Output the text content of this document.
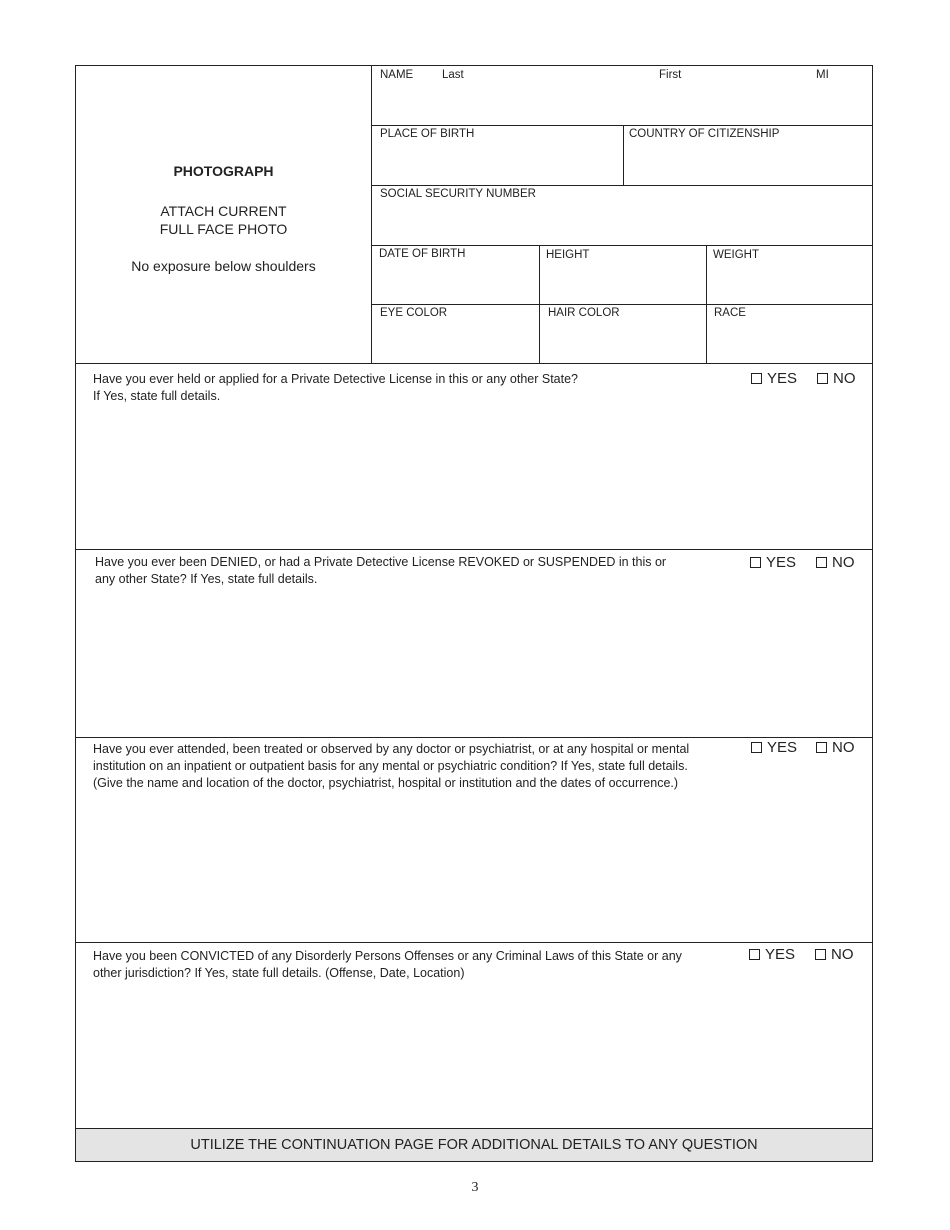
PHOTOGRAPH
ATTACH CURRENT
FULL FACE PHOTO
No exposure below shoulders
NAME	Last	First	MI
PLACE OF BIRTH	COUNTRY OF CITIZENSHIP
SOCIAL SECURITY NUMBER
DATE OF BIRTH	HEIGHT	WEIGHT
EYE COLOR	HAIR COLOR	RACE
Have you ever held or applied for a Private Detective License in this or any other State?
If Yes, state full details.
YES NO
Have you ever been DENIED, or had a Private Detective License REVOKED or SUSPENDED in this or
any other State? If Yes, state full details.
YES NO
Have you ever attended, been treated or observed by any doctor or psychiatrist, or at any hospital or mental
institution on an inpatient or outpatient basis for any mental or psychiatric condition? If Yes, state full details.
(Give the name and location of the doctor, psychiatrist, hospital or institution and the dates of occurrence.)
YES NO
Have you been CONVICTED of any Disorderly Persons Offenses or any Criminal Laws of this State or any
other jurisdiction? If Yes, state full details. (Offense, Date, Location)
YES NO
UTILIZE THE CONTINUATION PAGE FOR ADDITIONAL DETAILS TO ANY QUESTION
3
